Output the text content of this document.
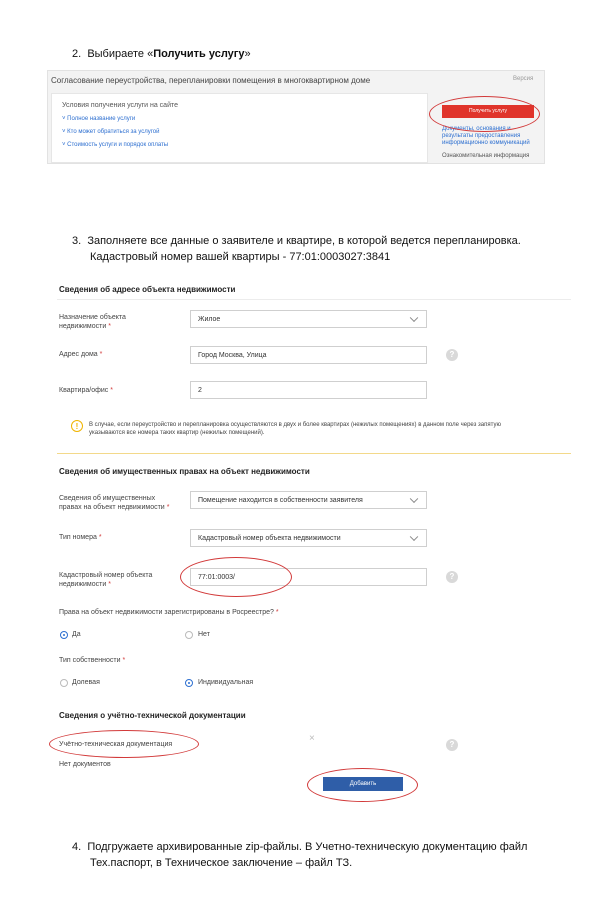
2. Выбираете «Получить услугу»
Согласование переустройства, перепланировки помещения в многоквартирном доме	Версия
Условия получения услуги на сайте
˅ Полное название услуги
˅ Кто может обратиться за услугой
˅ Стоимость услуги и порядок оплаты
Получить услугу
Документы, основания и
результаты предоставления
информационно коммуникаций
Ознакомительная информация
3. Заполняете все данные о заявителе и квартире, в которой ведется перепланировка.
Кадастровый номер вашей квартиры - 77:01:0003027:3841
Сведения об адресе объекта недвижимости
Назначение объекта
недвижимости *
Жилое
Адрес дома *	Город Москва, Улица	?
Квартира/офис *	2
!	В случае, если переустройство и перепланировка осуществляются в двух и более квартирах (нежилых помещениях) в данном поле через запятую
указываются все номера таких квартир (нежилых помещений).
Сведения об имущественных правах на объект недвижимости
Сведения об имущественных
правах на объект недвижимости *
Помещение находится в собственности заявителя
Тип номера *	Кадастровый номер объекта недвижимости
Кадастровый номер объекта
недвижимости *
77:01:0003/	?
Права на объект недвижимости зарегистрированы в Росреестре? *
Да	Нет
Тип собственности *
Долевая	Индивидуальная
Сведения о учётно-технической документации
Учётно-техническая документация
×
?
Нет документов
Добавить
4. Подгружаете архивированные zip-файлы. В Учетно-техническую документацию файл
Тех.паспорт, в Техническое заключение – файл ТЗ.
